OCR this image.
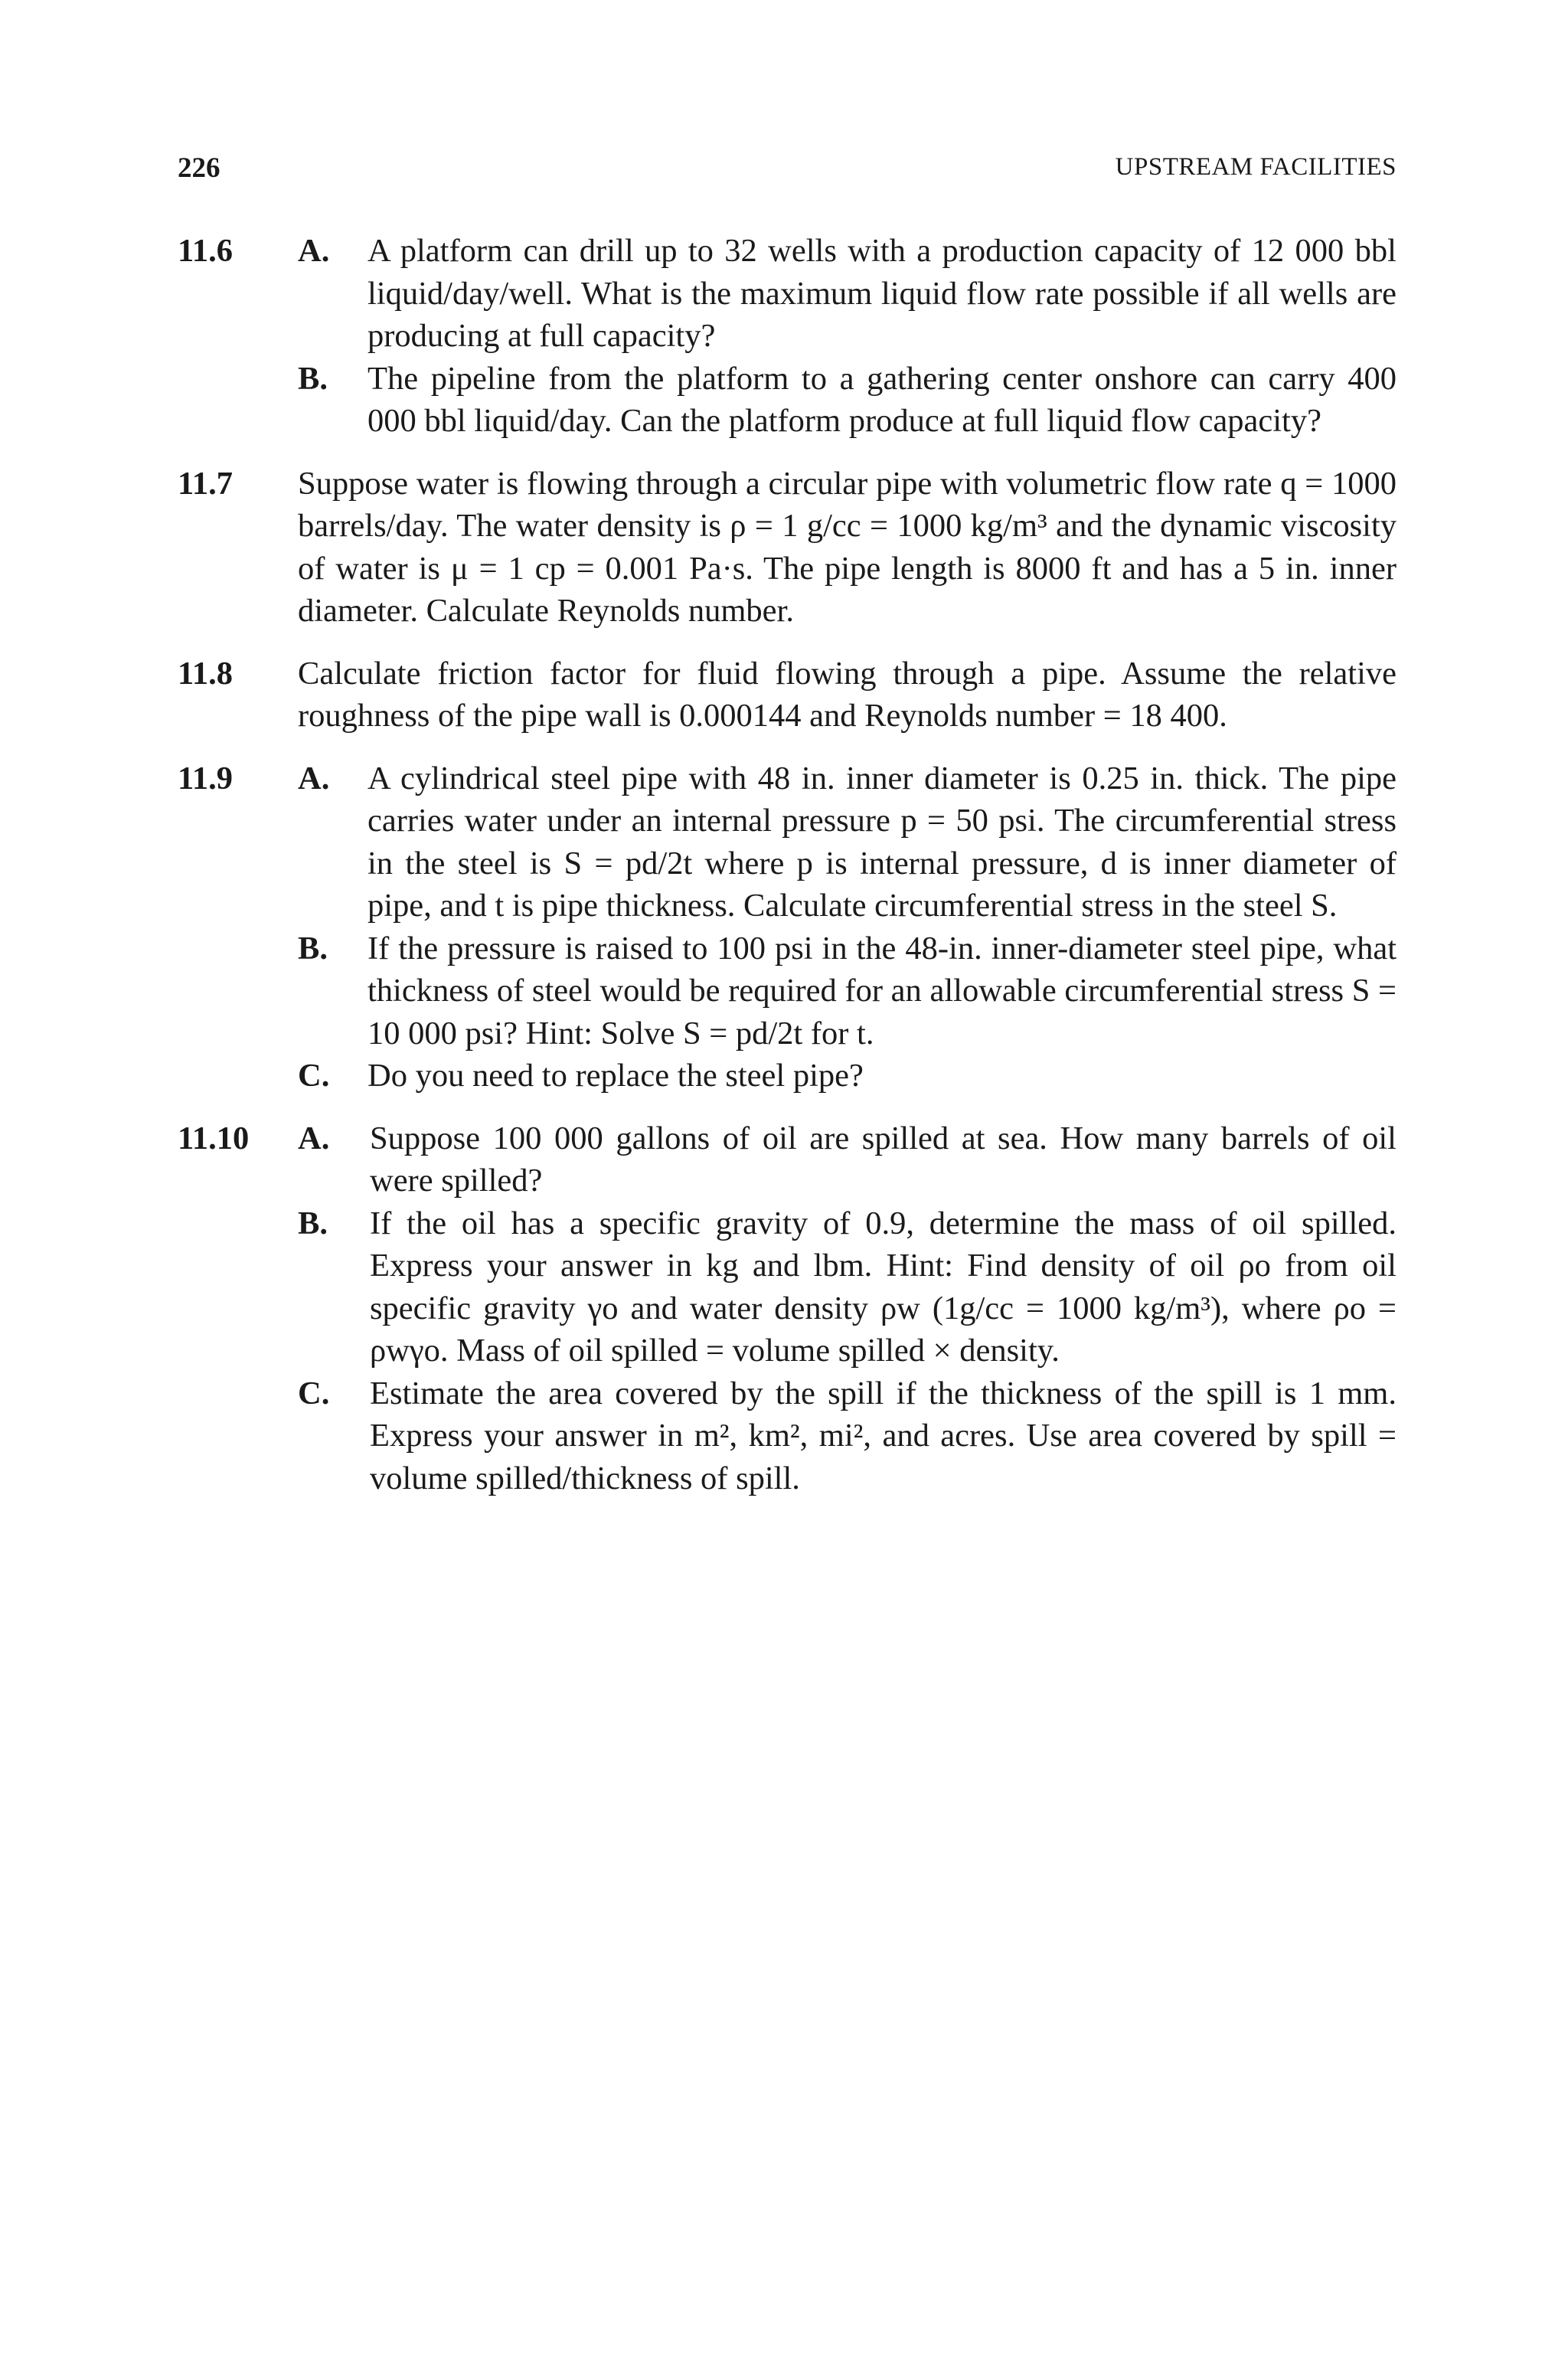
226	UPSTREAM FACILITIES
11.6 A. A platform can drill up to 32 wells with a production capacity of 12 000 bbl liquid/day/well. What is the maximum liquid flow rate possible if all wells are producing at full capacity?
B. The pipeline from the platform to a gathering center onshore can carry 400 000 bbl liquid/day. Can the platform produce at full liquid flow capacity?
11.7 Suppose water is flowing through a circular pipe with volumetric flow rate q = 1000 barrels/day. The water density is ρ = 1 g/cc = 1000 kg/m³ and the dynamic viscosity of water is μ = 1 cp = 0.001 Pa·s. The pipe length is 8000 ft and has a 5 in. inner diameter. Calculate Reynolds number.
11.8 Calculate friction factor for fluid flowing through a pipe. Assume the relative roughness of the pipe wall is 0.000144 and Reynolds number = 18 400.
11.9 A. A cylindrical steel pipe with 48 in. inner diameter is 0.25 in. thick. The pipe carries water under an internal pressure p = 50 psi. The circumferential stress in the steel is S = pd/2t where p is internal pressure, d is inner diameter of pipe, and t is pipe thickness. Calculate circumferential stress in the steel S.
B. If the pressure is raised to 100 psi in the 48-in. inner-diameter steel pipe, what thickness of steel would be required for an allowable circumferential stress S = 10 000 psi? Hint: Solve S = pd/2t for t.
C. Do you need to replace the steel pipe?
11.10 A. Suppose 100 000 gallons of oil are spilled at sea. How many barrels of oil were spilled?
B. If the oil has a specific gravity of 0.9, determine the mass of oil spilled. Express your answer in kg and lbm. Hint: Find density of oil ρo from oil specific gravity γo and water density ρw (1g/cc = 1000 kg/m³), where ρo = ρwγo. Mass of oil spilled = volume spilled × density.
C. Estimate the area covered by the spill if the thickness of the spill is 1 mm. Express your answer in m², km², mi², and acres. Use area covered by spill = volume spilled/thickness of spill.
